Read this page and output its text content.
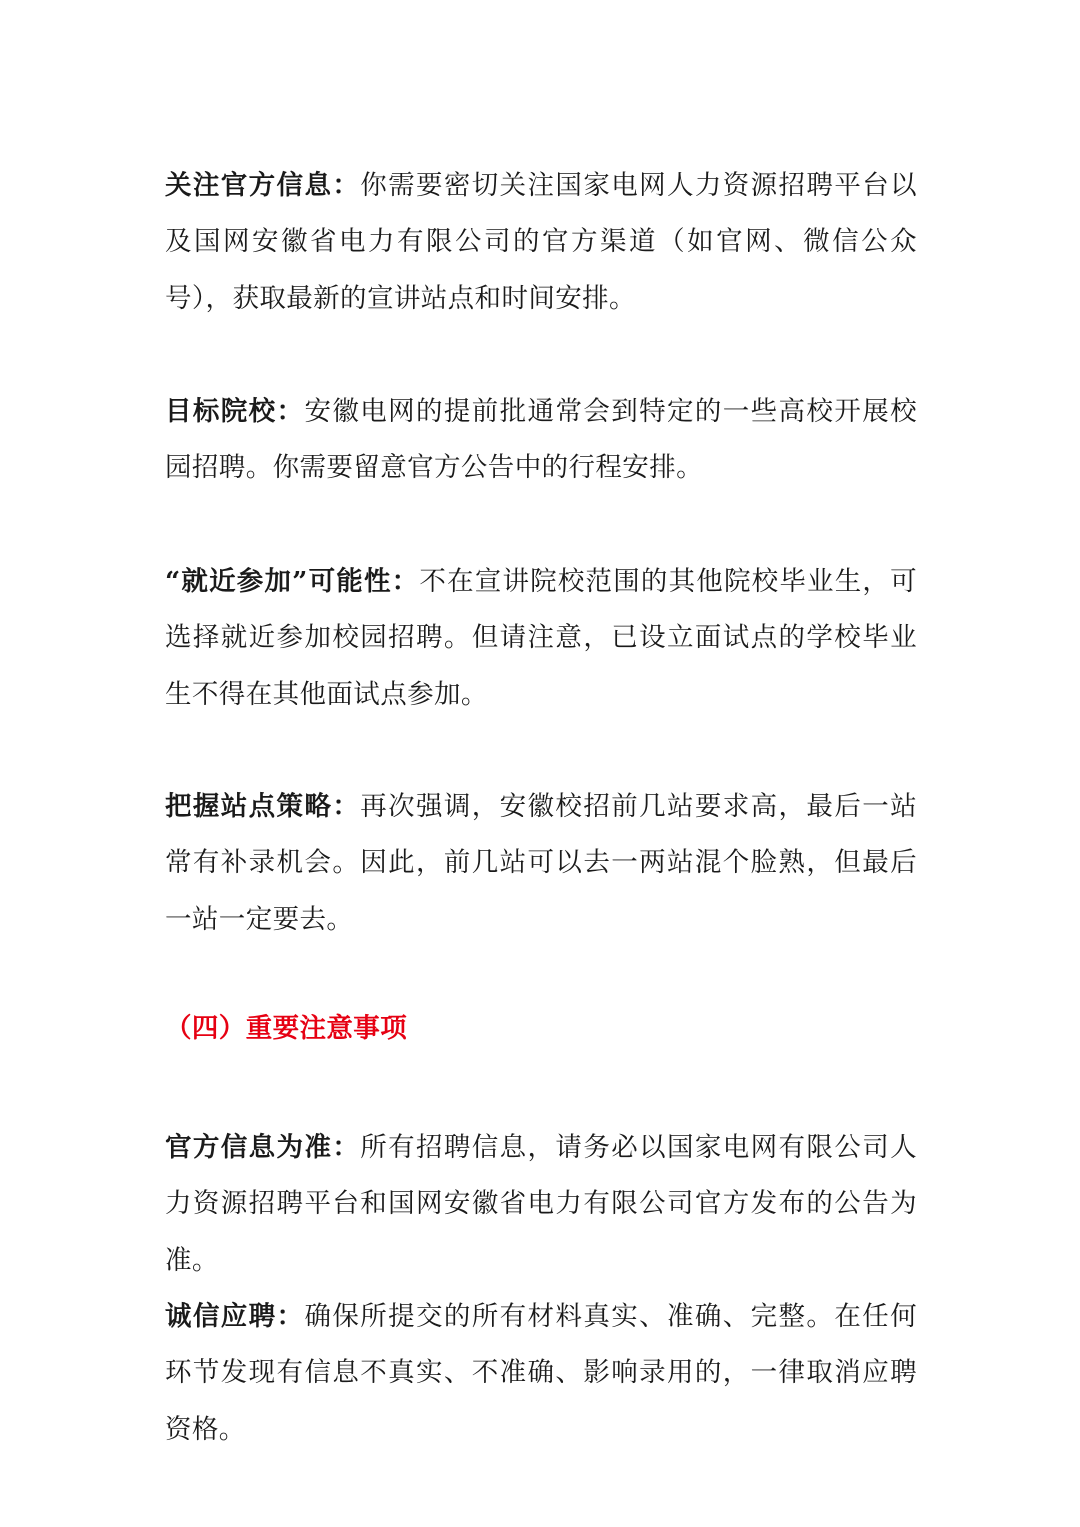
关注官方信息：你需要密切关注国家电网人力资源招聘平台以及国网安徽省电力有限公司的官方渠道（如官网、微信公众号），获取最新的宣讲站点和时间安排。

目标院校：安徽电网的提前批通常会到特定的一些高校开展校园招聘。你需要留意官方公告中的行程安排。

“就近参加”可能性：不在宣讲院校范围的其他院校毕业生，可选择就近参加校园招聘。但请注意，已设立面试点的学校毕业生不得在其他面试点参加。

把握站点策略：再次强调，安徽校招前几站要求高，最后一站常有补录机会。因此，前几站可以去一两站混个脸熟，但最后一站一定要去。

（四）重要注意事项

官方信息为准：所有招聘信息，请务必以国家电网有限公司人力资源招聘平台和国网安徽省电力有限公司官方发布的公告为准。

诚信应聘：确保所提交的所有材料真实、准确、完整。在任何环节发现有信息不真实、不准确、影响录用的，一律取消应聘资格。
